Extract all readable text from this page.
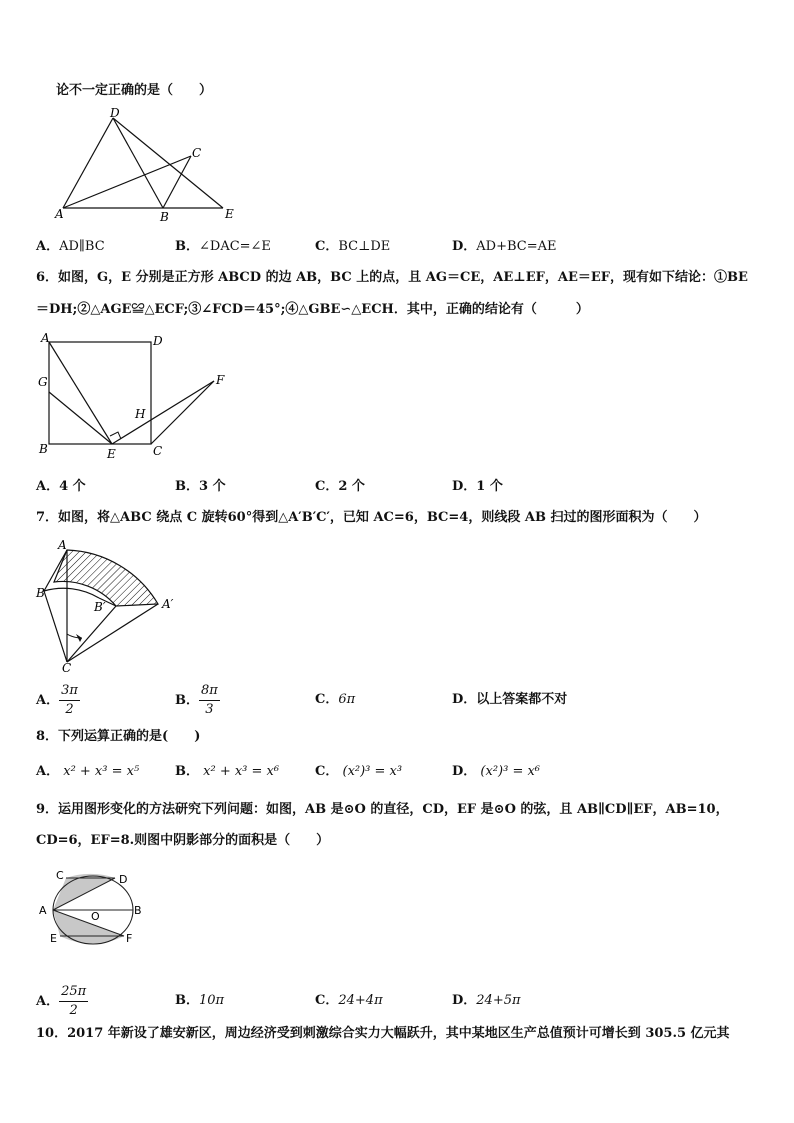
论不一定正确的是（　　）
D
C
A	B	E
A．AD∥BC	B．∠DAC=∠E	C．BC⊥DE	D．AD+BC=AE
6．如图，G，E 分别是正方形 ABCD 的边 AB，BC 上的点，且 AG＝CE，AE⊥EF，AE＝EF，现有如下结论：①BE
＝DH;②△AGE≌△ECF;③∠FCD＝45°;④△GBE∽△ECH．其中，正确的结论有（　　　）
A	D
G	F
H
B	E	C
A．4 个	B．3 个	C．2 个	D．1 个
7．如图，将△ABC 绕点 C 旋转60°得到△A′B′C′，已知 AC=6，BC=4，则线段 AB 扫过的图形面积为（　　）
A
B
B′	A′
C
A． $\frac{3\pi}{2}$	B． $\frac{8\pi}{3}$	C．6π	D．以上答案都不对
8．下列运算正确的是(　　)
A． x² + x³ = x⁵	B． x² + x³ = x⁶	C． (x²)³ = x³	D． (x²)³ = x⁶
9．运用图形变化的方法研究下列问题：如图，AB 是⊙O 的直径，CD，EF 是⊙O 的弦，且 AB∥CD∥EF，AB=10，
CD=6，EF=8.则图中阴影部分的面积是（　　）
C	D
A	O	B
E	F
A． $\frac{25\pi}{2}$	B．10π	C．24+4π	D．24+5π
10．2017 年新设了雄安新区，周边经济受到刺激综合实力大幅跃升，其中某地区生产总值预计可增长到 305.5 亿元其
